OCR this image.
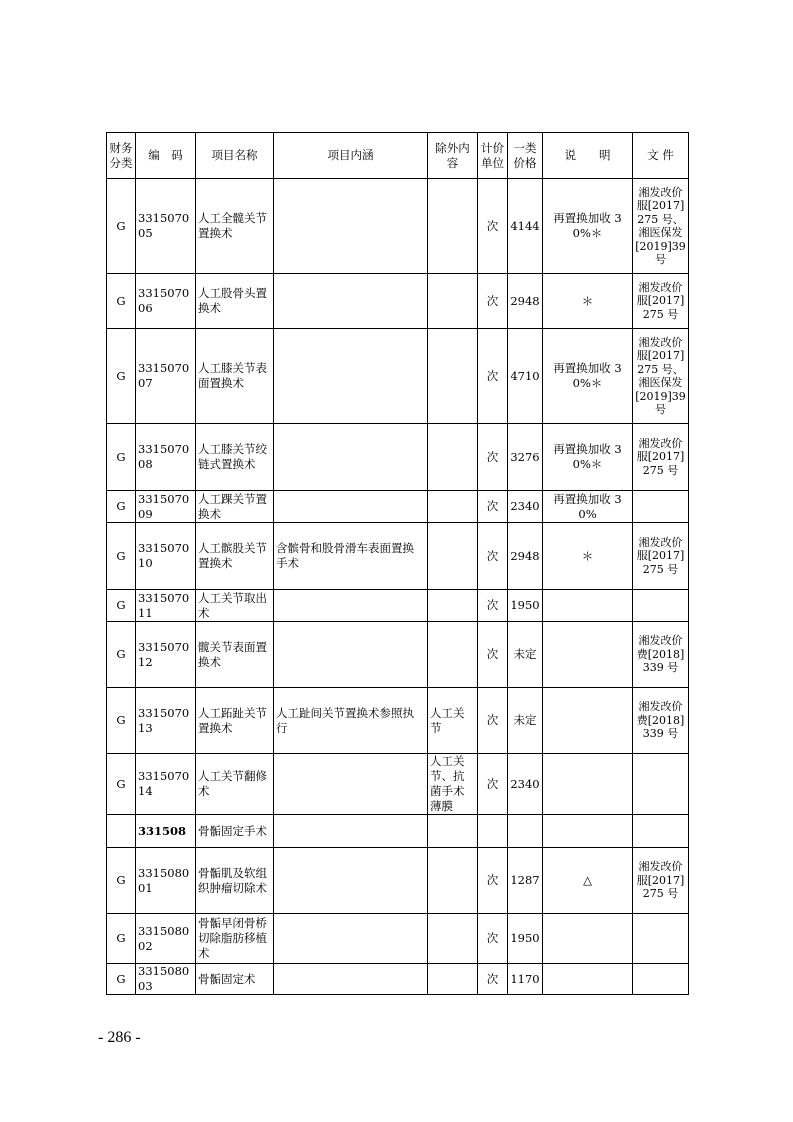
财务分类	编　码	项目名称	项目内涵	除外内容	计价单位	一类价格	说　　明	文 件
G	331507005	人工全髋关节置换术			次	4144	再置换加收 30%＊	湘发改价服[2017]275 号、湘医保发[2019]39号
G	331507006	人工股骨头置换术			次	2948	＊	湘发改价服[2017]275 号
G	331507007	人工膝关节表面置换术			次	4710	再置换加收 30%＊	湘发改价服[2017]275 号、湘医保发[2019]39号
G	331507008	人工膝关节绞链式置换术			次	3276	再置换加收 30%＊	湘发改价服[2017]275 号
G	331507009	人工踝关节置换术			次	2340	再置换加收 30%	
G	331507010	人工髌股关节置换术	含髌骨和股骨滑车表面置换手术		次	2948	＊	湘发改价服[2017]275 号
G	331507011	人工关节取出术			次	1950		
G	331507012	髋关节表面置换术			次	未定		湘发改价费[2018]339 号
G	331507013	人工跖趾关节置换术	人工趾间关节置换术参照执行	人工关节	次	未定		湘发改价费[2018]339 号
G	331507014	人工关节翻修术		人工关节、抗菌手术薄膜	次	2340		
	331508	骨骺固定手术						
G	331508001	骨骺肌及软组织肿瘤切除术			次	1287	△	湘发改价服[2017]275 号
G	331508002	骨骺早闭骨桥切除脂肪移植术			次	1950		
G	331508003	骨骺固定术			次	1170		
- 286 -
